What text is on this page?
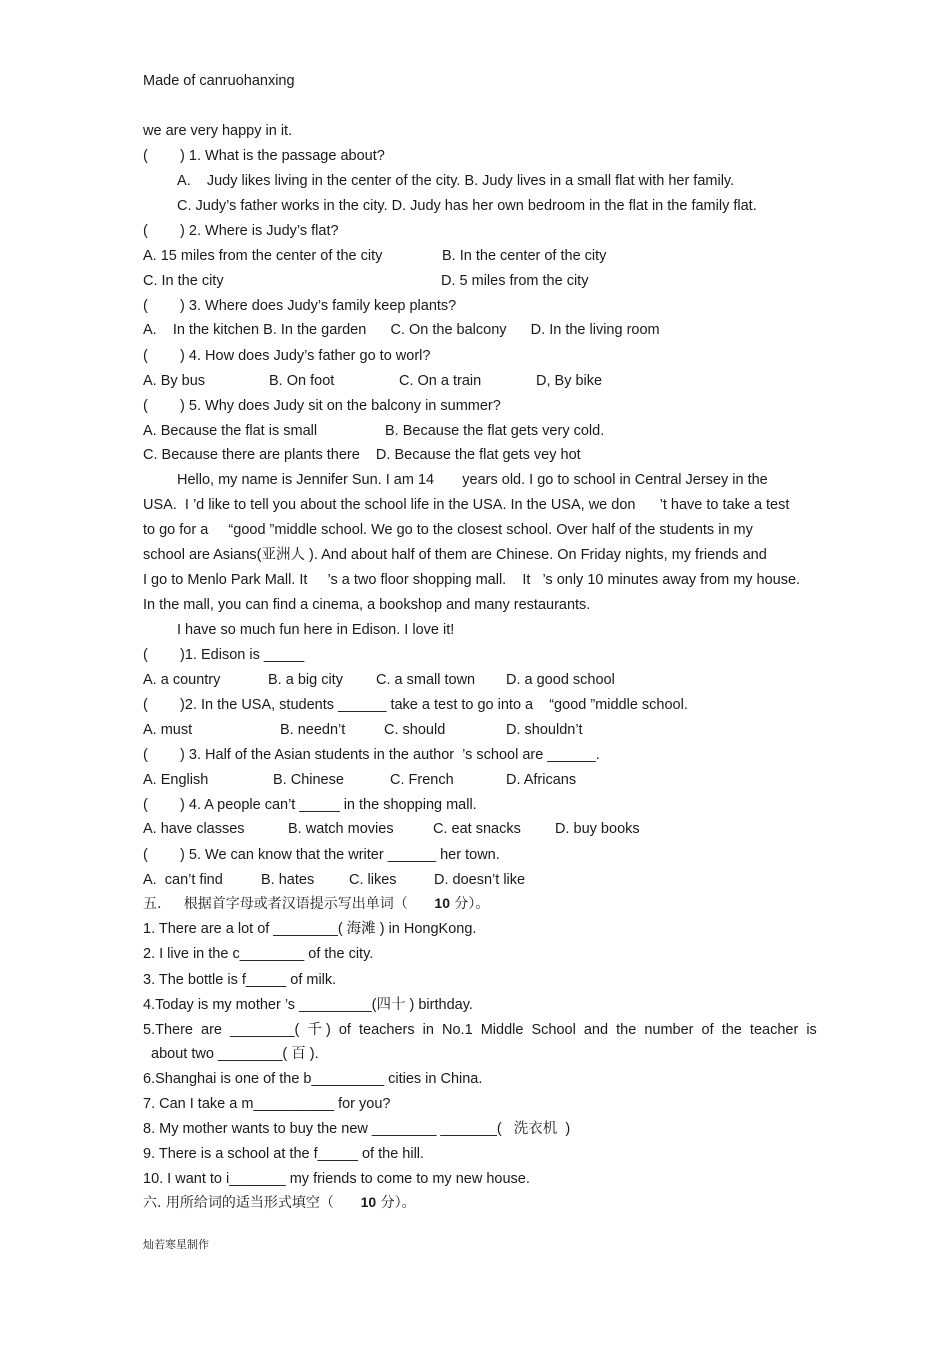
Made of canruohanxing
we are very happy in it.
(        ) 1. What is the passage about?
A.    Judy likes living in the center of the city. B. Judy lives in a small flat with her family.
C. Judy’s father works in the city. D. Judy has her own bedroom in the flat in the family flat.
(        ) 2. Where is Judy’s flat?
A. 15 miles from the center of the city	B. In the center of the city
C. In the city	D. 5 miles from the city
(        ) 3. Where does Judy’s family keep plants?
A.    In the kitchen B. In the garden      C. On the balcony      D. In the living room
(        ) 4. How does Judy’s father go to worl?
A. By bus	B. On foot	C. On a train	D, By bike
(        ) 5. Why does Judy sit on the balcony in summer?
A. Because the flat is small	B. Because the flat gets very cold.
C. Because there are plants there    D. Because the flat gets vey hot
Hello, my name is Jennifer Sun. I am 14       years old. I go to school in Central Jersey in the
USA.  I ’d like to tell you about the school life in the USA. In the USA, we don      ’t have to take a test
to go for a     “good ”middle school. We go to the closest school. Over half of the students in my
school are Asians(亚洲人 ). And about half of them are Chinese. On Friday nights, my friends and
I go to Menlo Park Mall. It     ’s a two floor shopping mall.    It   ’s only 10 minutes away from my house.
In the mall, you can find a cinema, a bookshop and many restaurants.
I have so much fun here in Edison. I love it!
(        )1. Edison is _____
A. a country	B. a big city C. a small town D. a good school
(        )2. In the USA, students ______ take a test to go into a    “good ”middle school.
A. must	B. needn’t	C. should	D. shouldn’t
(        ) 3. Half of the Asian students in the author  ’s school are ______.
A. English	B. Chinese	C. French	D. Africans
(        ) 4. A people can’t _____ in the shopping mall.
A. have classes	B. watch movies	C. eat snacks D. buy books
(        ) 5. We can know that the writer ______ her town.
A.  can’t find	B. hates C. likes	D. doesn’t like
五.     根据首字母或者汉语提示写出单词（      10 分）。
1. There are a lot of ________( 海滩 ) in HongKong.
2. I live in the c________ of the city.
3. The bottle is f_____ of milk.
4.Today is my mother ’s _________(四十 ) birthday.
5.There  are  ________(  千 )  of  teachers  in  No.1  Middle  School  and  the  number  of  the  teacher  is
about two ________( 百 ).
6.Shanghai is one of the b_________ cities in China.
7. Can I take a m__________ for you?
8. My mother wants to buy the new ________ _______(   洗衣机  )
9. There is a school at the f_____ of the hill.
10. I want to i_______ my friends to come to my new house.
六. 用所给词的适当形式填空（      10 分）。
灿若寒星制作
